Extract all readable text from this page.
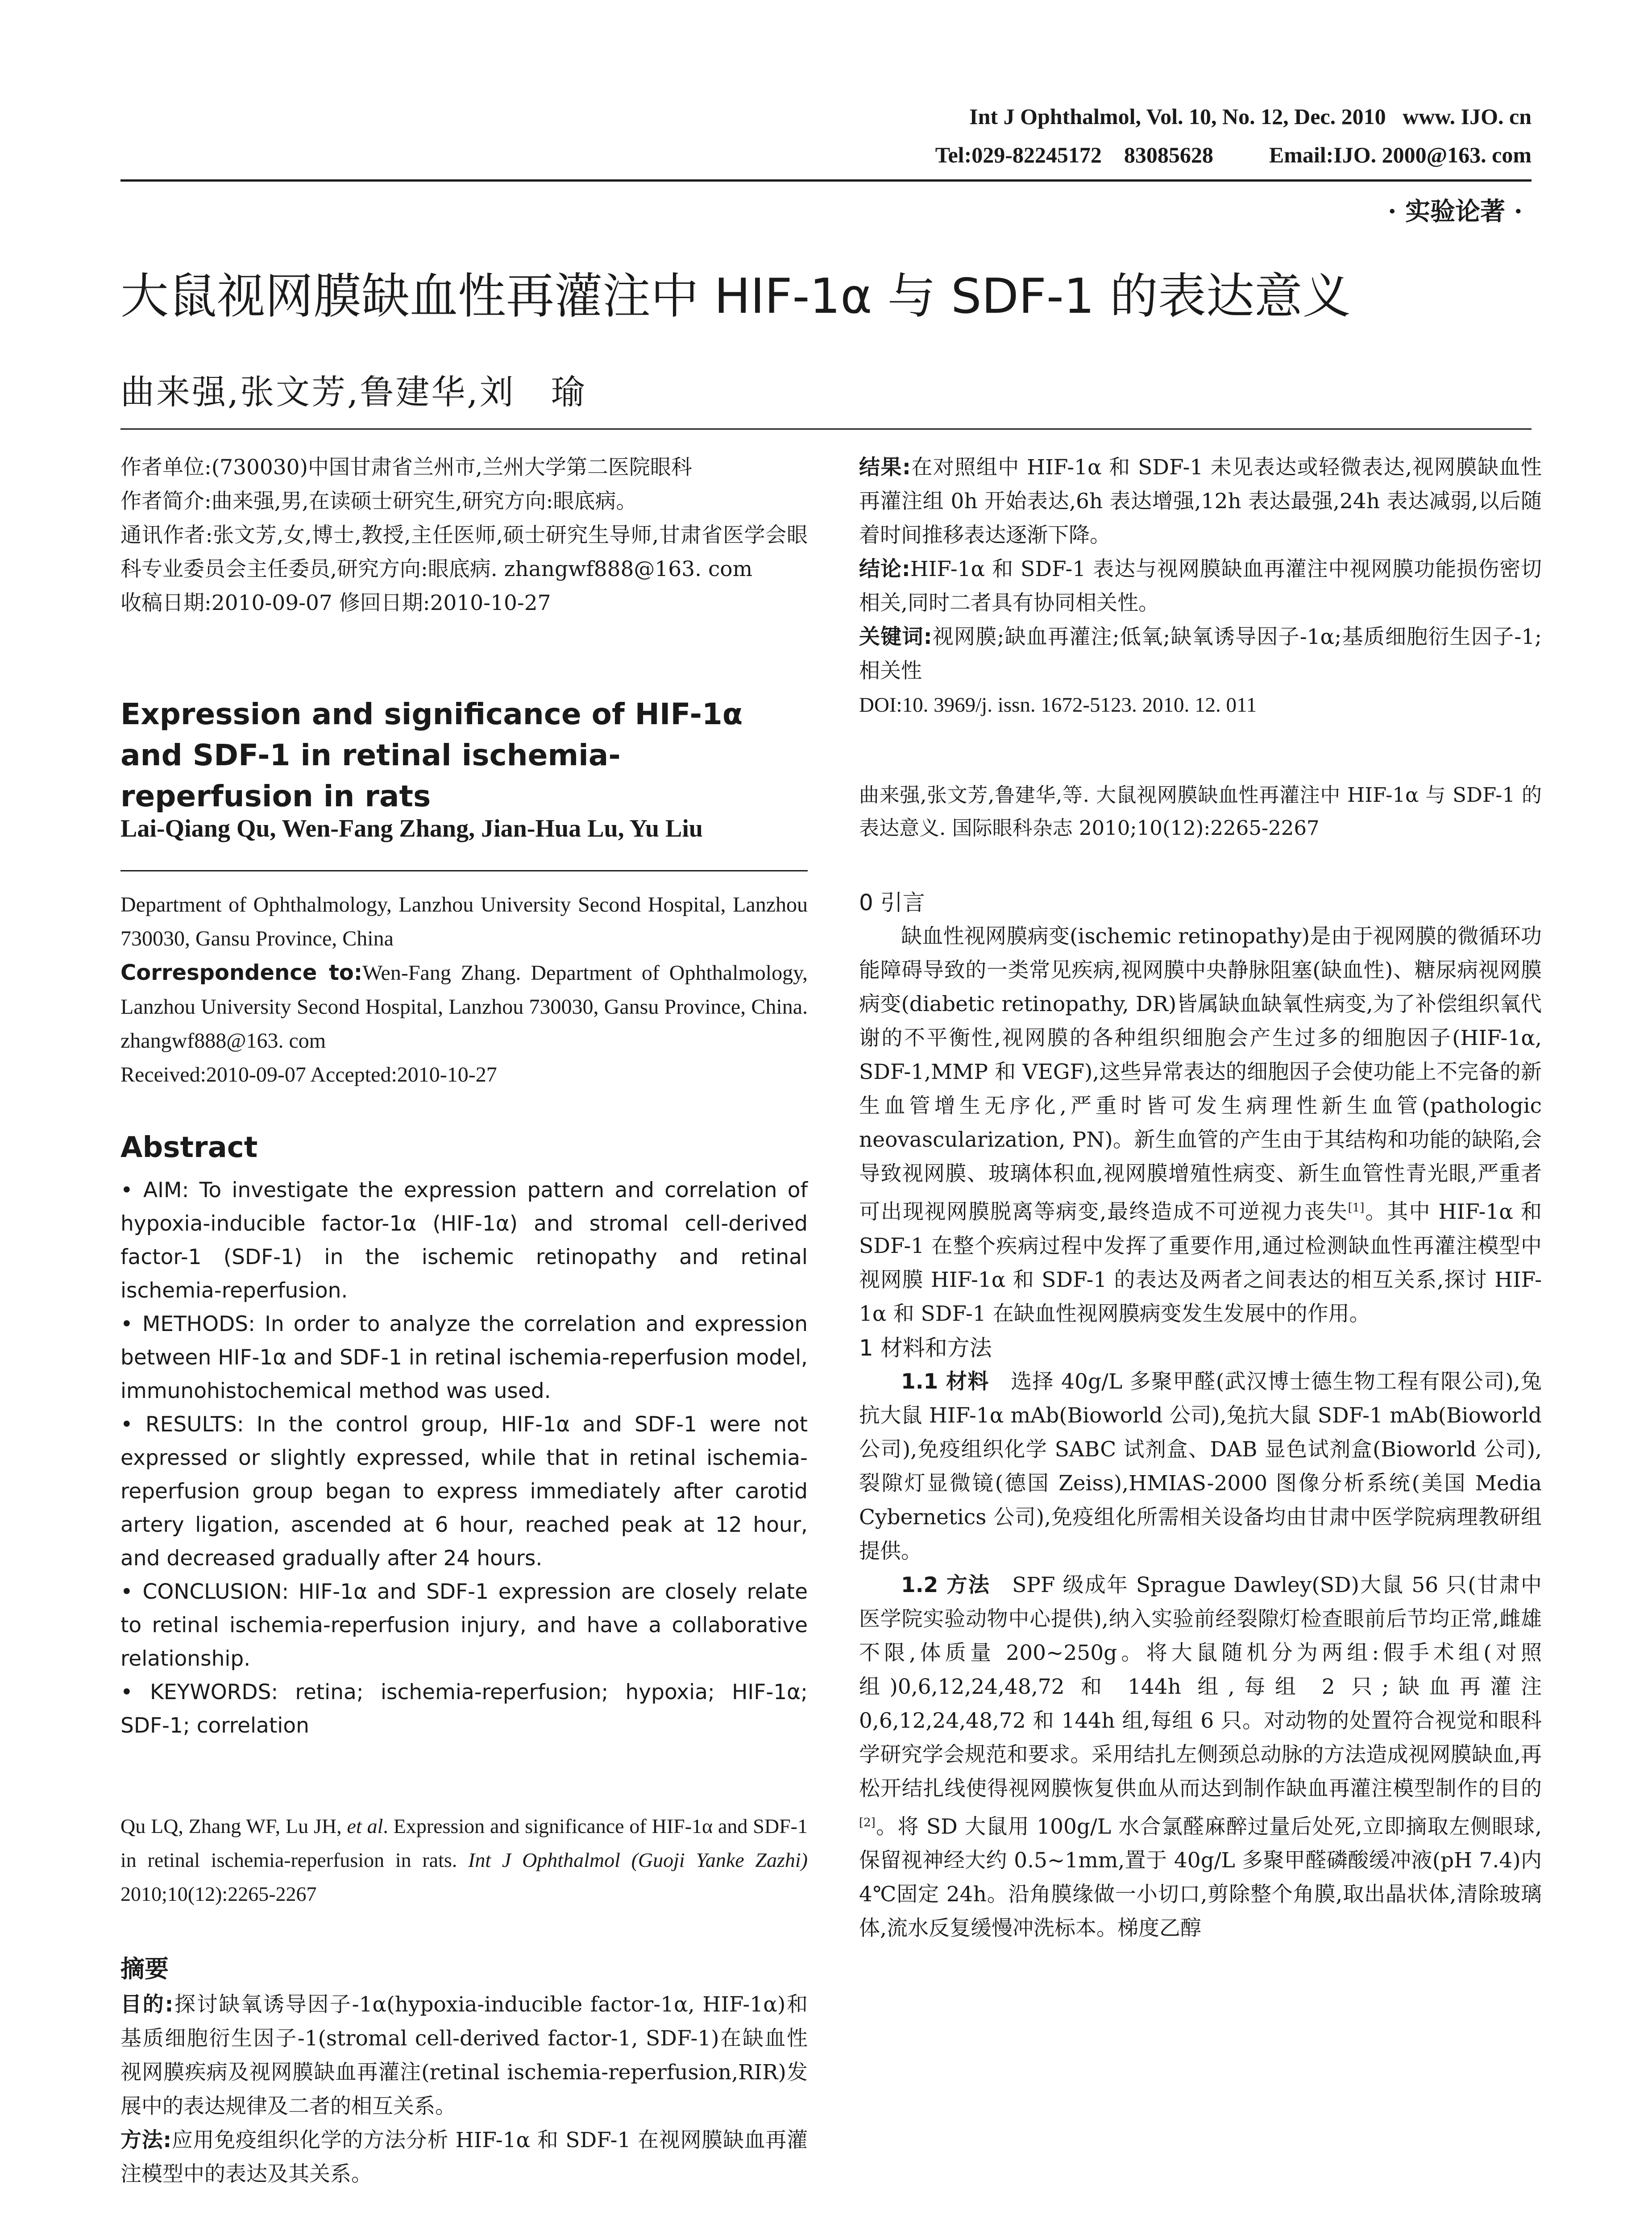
Int J Ophthalmol, Vol. 10, No. 12, Dec. 2010   www. IJO. cn
Tel:029-82245172    83085628          Email:IJO. 2000@163. com
· 实验论著 ·
大鼠视网膜缺血性再灌注中 HIF-1α 与 SDF-1 的表达意义
曲来强,张文芳,鲁建华,刘　瑜

作者单位:(730030)中国甘肃省兰州市,兰州大学第二医院眼科

作者简介:曲来强,男,在读硕士研究生,研究方向:眼底病。

通讯作者:张文芳,女,博士,教授,主任医师,硕士研究生导师,甘肃省医学会眼科专业委员会主任委员,研究方向:眼底病. zhangwf888@163. com

收稿日期:2010-09-07 修回日期:2010-10-27

Expression and significance of HIF-1α and SDF-1 in retinal ischemia-reperfusion in rats
Lai-Qiang Qu, Wen-Fang Zhang, Jian-Hua Lu, Yu Liu

Department of Ophthalmology, Lanzhou University Second Hospital, Lanzhou 730030, Gansu Province, China

Correspondence to:Wen-Fang Zhang. Department of Ophthalmology, Lanzhou University Second Hospital, Lanzhou 730030, Gansu Province, China. zhangwf888@163. com

Received:2010-09-07 Accepted:2010-10-27

Abstract

• AIM: To investigate the expression pattern and correlation of hypoxia-inducible factor-1α (HIF-1α) and stromal cell-derived factor-1 (SDF-1) in the ischemic retinopathy and retinal ischemia-reperfusion.

• METHODS: In order to analyze the correlation and expression between HIF-1α and SDF-1 in retinal ischemia-reperfusion model, immunohistochemical method was used.

• RESULTS: In the control group, HIF-1α and SDF-1 were not expressed or slightly expressed, while that in retinal ischemia-reperfusion group began to express immediately after carotid artery ligation, ascended at 6 hour, reached peak at 12 hour, and decreased gradually after 24 hours.

• CONCLUSION: HIF-1α and SDF-1 expression are closely relate to retinal ischemia-reperfusion injury, and have a collaborative relationship.

• KEYWORDS: retina; ischemia-reperfusion; hypoxia; HIF-1α; SDF-1; correlation

Qu LQ, Zhang WF, Lu JH, et al. Expression and significance of HIF-1α and SDF-1 in retinal ischemia-reperfusion in rats. Int J Ophthalmol (Guoji Yanke Zazhi) 2010;10(12):2265-2267

摘要

目的:探讨缺氧诱导因子-1α(hypoxia-inducible factor-1α, HIF-1α)和基质细胞衍生因子-1(stromal cell-derived factor-1, SDF-1)在缺血性视网膜疾病及视网膜缺血再灌注(retinal ischemia-reperfusion,RIR)发展中的表达规律及二者的相互关系。

方法:应用免疫组织化学的方法分析 HIF-1α 和 SDF-1 在视网膜缺血再灌注模型中的表达及其关系。

结果:在对照组中 HIF-1α 和 SDF-1 未见表达或轻微表达,视网膜缺血性再灌注组 0h 开始表达,6h 表达增强,12h 表达最强,24h 表达减弱,以后随着时间推移表达逐渐下降。

结论:HIF-1α 和 SDF-1 表达与视网膜缺血再灌注中视网膜功能损伤密切相关,同时二者具有协同相关性。

关键词:视网膜;缺血再灌注;低氧;缺氧诱导因子-1α;基质细胞衍生因子-1;相关性

DOI:10. 3969/j. issn. 1672-5123. 2010. 12. 011

曲来强,张文芳,鲁建华,等. 大鼠视网膜缺血性再灌注中 HIF-1α 与 SDF-1 的表达意义. 国际眼科杂志 2010;10(12):2265-2267

0 引言

缺血性视网膜病变(ischemic retinopathy)是由于视网膜的微循环功能障碍导致的一类常见疾病,视网膜中央静脉阻塞(缺血性)、糖尿病视网膜病变(diabetic retinopathy, DR)皆属缺血缺氧性病变,为了补偿组织氧代谢的不平衡性,视网膜的各种组织细胞会产生过多的细胞因子(HIF-1α, SDF-1,MMP 和 VEGF),这些异常表达的细胞因子会使功能上不完备的新生血管增生无序化,严重时皆可发生病理性新生血管(pathologic neovascularization, PN)。新生血管的产生由于其结构和功能的缺陷,会导致视网膜、玻璃体积血,视网膜增殖性病变、新生血管性青光眼,严重者可出现视网膜脱离等病变,最终造成不可逆视力丧失[1]。其中 HIF-1α 和 SDF-1 在整个疾病过程中发挥了重要作用,通过检测缺血性再灌注模型中视网膜 HIF-1α 和 SDF-1 的表达及两者之间表达的相互关系,探讨 HIF-1α 和 SDF-1 在缺血性视网膜病变发生发展中的作用。

1 材料和方法

1.1 材料　 选择 40g/L 多聚甲醛(武汉博士德生物工程有限公司),兔抗大鼠 HIF-1α mAb(Bioworld 公司),兔抗大鼠 SDF-1 mAb(Bioworld 公司),免疫组织化学 SABC 试剂盒、DAB 显色试剂盒(Bioworld 公司),裂隙灯显微镜(德国 Zeiss),HMIAS-2000 图像分析系统(美国 Media Cybernetics 公司),免疫组化所需相关设备均由甘肃中医学院病理教研组提供。

1.2 方法　 SPF 级成年 Sprague Dawley(SD)大鼠 56 只(甘肃中医学院实验动物中心提供),纳入实验前经裂隙灯检查眼前后节均正常,雌雄不限,体质量 200~250g。将大鼠随机分为两组:假手术组(对照组)0,6,12,24,48,72 和 144h 组,每组 2 只;缺血再灌注 0,6,12,24,48,72 和 144h 组,每组 6 只。对动物的处置符合视觉和眼科学研究学会规范和要求。采用结扎左侧颈总动脉的方法造成视网膜缺血,再松开结扎线使得视网膜恢复供血从而达到制作缺血再灌注模型制作的目的[2]。将 SD 大鼠用 100g/L 水合氯醛麻醉过量后处死,立即摘取左侧眼球,保留视神经大约 0.5~1mm,置于 40g/L 多聚甲醛磷酸缓冲液(pH 7.4)内 4℃固定 24h。沿角膜缘做一小切口,剪除整个角膜,取出晶状体,清除玻璃体,流水反复缓慢冲洗标本。梯度乙醇
